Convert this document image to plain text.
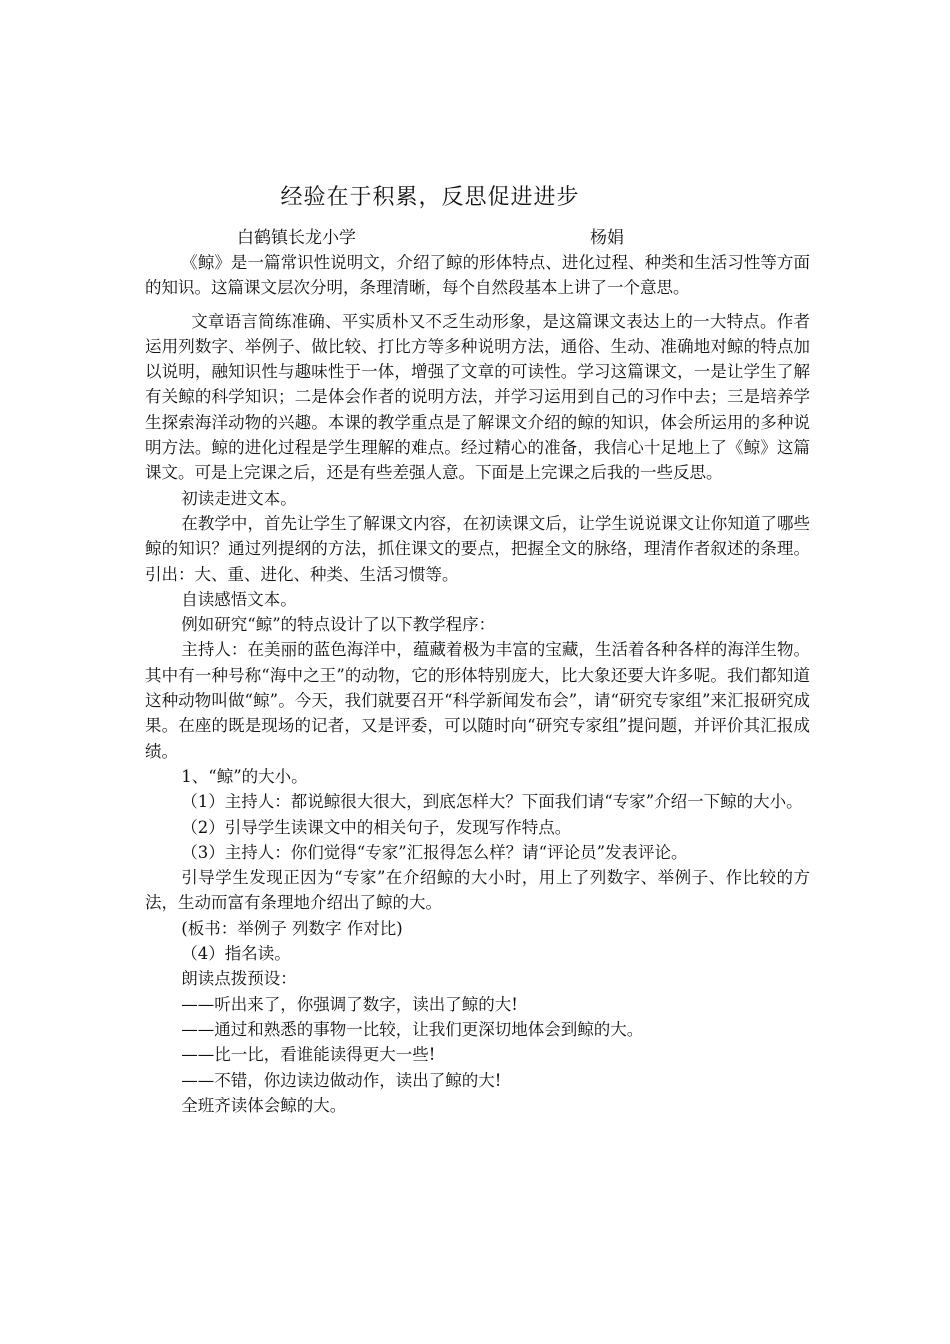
经验在于积累，反思促进进步
白鹤镇长龙小学	杨娟

《鲸》是一篇常识性说明文，介绍了鲸的形体特点、进化过程、种类和生活习性等方面的知识。这篇课文层次分明，条理清晰，每个自然段基本上讲了一个意思。

文章语言简练准确、平实质朴又不乏生动形象，是这篇课文表达上的一大特点。作者运用列数字、举例子、做比较、打比方等多种说明方法，通俗、生动、准确地对鲸的特点加以说明，融知识性与趣味性于一体，增强了文章的可读性。学习这篇课文，一是让学生了解有关鲸的科学知识；二是体会作者的说明方法，并学习运用到自己的习作中去；三是培养学生探索海洋动物的兴趣。本课的教学重点是了解课文介绍的鲸的知识，体会所运用的多种说明方法。鲸的进化过程是学生理解的难点。经过精心的准备，我信心十足地上了《鲸》这篇课文。可是上完课之后，还是有些差强人意。下面是上完课之后我的一些反思。

初读走进文本。

在教学中，首先让学生了解课文内容，在初读课文后，让学生说说课文让你知道了哪些鲸的知识？通过列提纲的方法，抓住课文的要点，把握全文的脉络，理清作者叙述的条理。引出：大、重、进化、种类、生活习惯等。

自读感悟文本。

例如研究“鲸”的特点设计了以下教学程序：

主持人：在美丽的蓝色海洋中，蕴藏着极为丰富的宝藏，生活着各种各样的海洋生物。其中有一种号称“海中之王”的动物，它的形体特别庞大，比大象还要大许多呢。我们都知道这种动物叫做“鲸”。今天，我们就要召开“科学新闻发布会”，请“研究专家组”来汇报研究成果。在座的既是现场的记者，又是评委，可以随时向“研究专家组”提问题，并评价其汇报成绩。

1、“鲸”的大小。

（1）主持人：都说鲸很大很大，到底怎样大？下面我们请“专家”介绍一下鲸的大小。

（2）引导学生读课文中的相关句子，发现写作特点。

（3）主持人：你们觉得“专家”汇报得怎么样？请“评论员”发表评论。

引导学生发现正因为“专家”在介绍鲸的大小时，用上了列数字、举例子、作比较的方法，生动而富有条理地介绍出了鲸的大。

(板书：举例子 列数字 作对比)

（4）指名读。

朗读点拨预设：

——听出来了，你强调了数字，读出了鲸的大!

——通过和熟悉的事物一比较，让我们更深切地体会到鲸的大。

——比一比，看谁能读得更大一些!

——不错，你边读边做动作，读出了鲸的大!

全班齐读体会鲸的大。
